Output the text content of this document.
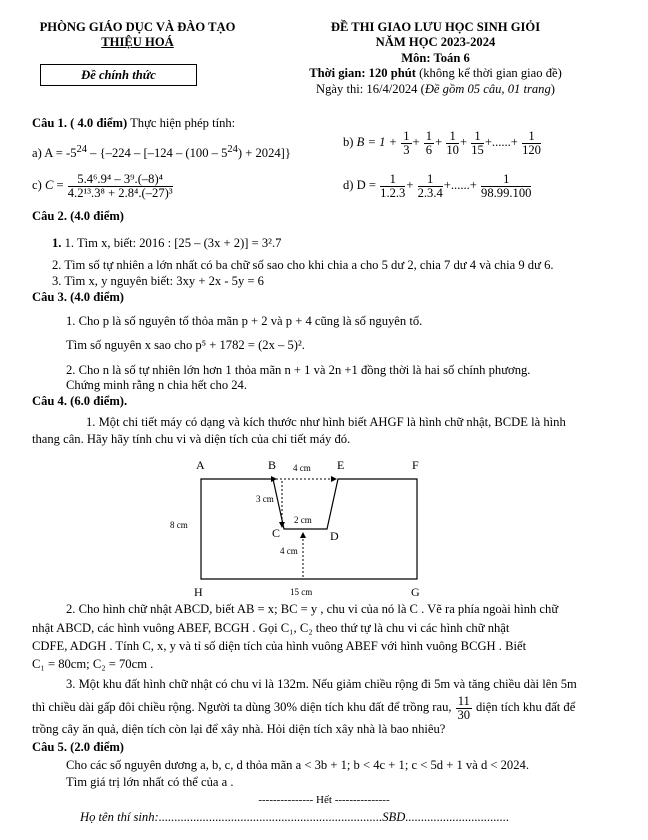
PHÒNG GIÁO DỤC VÀ ĐÀO TẠO
THIỆU HOÁ
Đề chính thức
ĐỀ THI GIAO LƯU HỌC SINH GIỎI
NĂM HỌC 2023-2024
Môn: Toán 6
Thời gian: 120 phút (không kể thời gian giao đề)
Ngày thi: 16/4/2024 (Đề gồm 05 câu, 01 trang)
Câu 1. ( 4.0 điểm) Thực hiện phép tính:
a) $A = -5^{24} - \{-224 - [-124 - (100 - 5^{24}) + 2024]\}$
b) $B = 1 + \frac{1}{3} + \frac{1}{6} + \frac{1}{10} + \frac{1}{15}$ +......+ $\frac{1}{120}$
c) $C = \frac{\text{5.4⁶.9⁴ – 3⁹.(–8)⁴}}{\text{4.2¹³.3⁸ + 2.8⁴.(–27)³}}$	d) $D = \frac{1}{1.2.3} + \frac{1}{2.3.4}$ +......+ $\frac{1}{98.99.100}$
Câu 2. (4.0 điểm)
1. 1. Tìm x, biết: 2016 : [25 – (3x + 2)] = 3².7
2. Tìm số tự nhiên a lớn nhất có ba chữ số sao cho khi chia a cho 5 dư 2, chia 7 dư 4 và chia 9 dư 6.
3. Tìm x, y nguyên biết: 3xy + 2x - 5y = 6
Câu 3. (4.0 điểm)
1. Cho p là số nguyên tố thỏa mãn p + 2 và p + 4 cũng là số nguyên tố.
Tìm số nguyên x sao cho p⁵ + 1782 = (2x – 5)².
2. Cho n là số tự nhiên lớn hơn 1 thỏa mãn n + 1 và 2n +1 đồng thời là hai số chính phương.
Chứng minh rằng n chia hết cho 24.
Câu 4. (6.0 điểm).
1. Một chi tiết máy có dạng và kích thước như hình biết AHGF là hình chữ nhật, BCDE là hình
thang cân. Hãy hãy tính chu vi và diện tích của chi tiết máy đó.
A	B	E	F
C	D
H	G
4 cm
3 cm
2 cm
8 cm
4 cm
15 cm
2. Cho hình chữ nhật ABCD, biết AB = x; BC = y , chu vi của nó là C . Vẽ ra phía ngoài hình chữ
nhật ABCD, các hình vuông ABEF, BCGH . Gọi C₁, C₂ theo thứ tự là chu vi các hình chữ nhật
CDFE, ADGH . Tính C, x, y và tỉ số diện tích của hình vuông ABEF với hình vuông BCGH . Biết
C₁ = 80cm; C₂ = 70cm .
3. Một khu đất hình chữ nhật có chu vi là 132m. Nếu giảm chiều rộng đi 5m và tăng chiều dài lên 5m
thì chiều dài gấp đôi chiều rộng. Người ta dùng 30% diện tích khu đất để trồng rau, $\frac{11}{30}$ diện tích khu đất để
trồng cây ăn quả, diện tích còn lại để xây nhà. Hỏi diện tích xây nhà là bao nhiêu?
Câu 5. (2.0 điểm)
Cho các số nguyên dương a, b, c, d thỏa mãn a < 3b + 1; b < 4c + 1; c < 5d + 1 và d < 2024.
Tìm giá trị lớn nhất có thể của a .
--------------- Hết ---------------
Họ tên thí sinh:.......................................................................SBD.................................
